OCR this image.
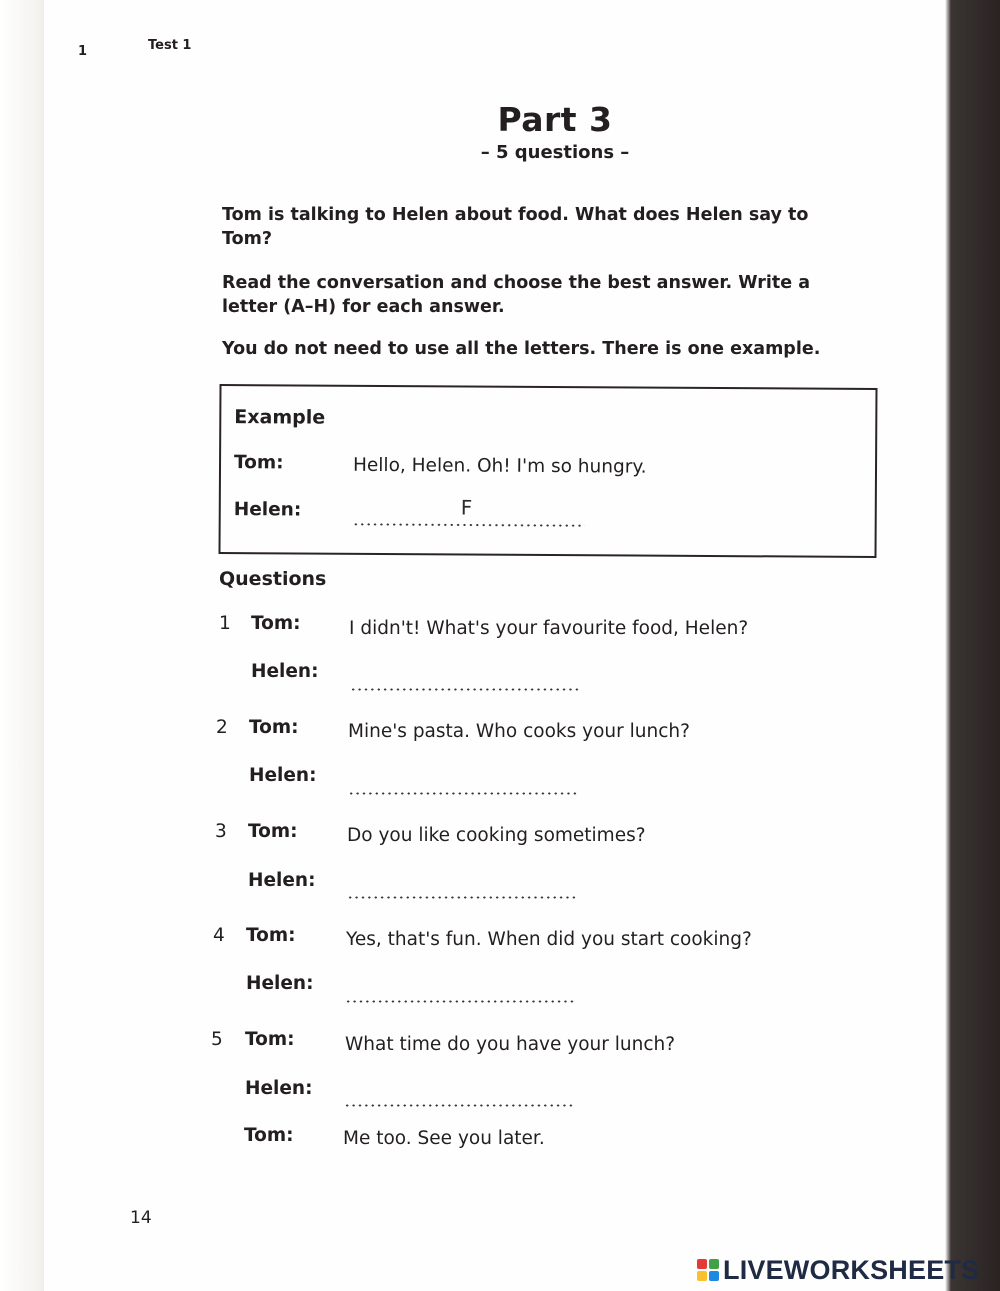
1	Test 1
Part 3
– 5 questions –
Tom is talking to Helen about food. What does Helen say to Tom?
Read the conversation and choose the best answer. Write a letter (A–H) for each answer.
You do not need to use all the letters. There is one example.
Example
Tom:	Hello, Helen. Oh! I'm so hungry.
Helen:	F
Questions
1 Tom:	I didn't! What's your favourite food, Helen?
Helen:
2 Tom:	Mine's pasta. Who cooks your lunch?
Helen:
3 Tom:	Do you like cooking sometimes?
Helen:
4 Tom:	Yes, that's fun. When did you start cooking?
Helen:
5 Tom:	What time do you have your lunch?
Helen:
Tom:	Me too. See you later.
14
LIVEWORKSHEETS
